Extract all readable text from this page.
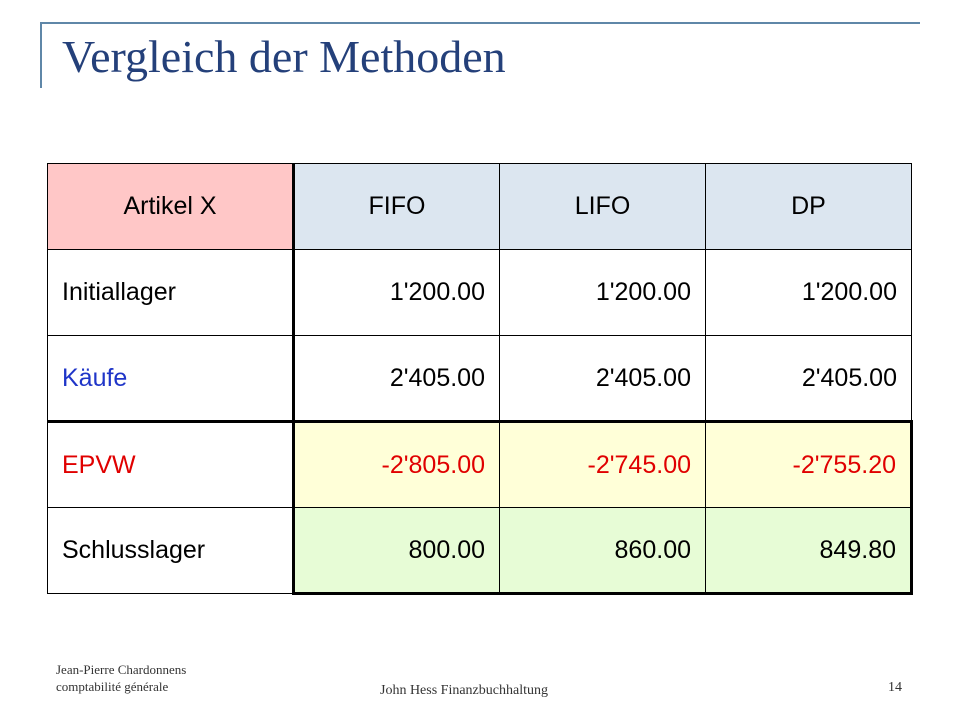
Vergleich der Methoden
Artikel X	FIFO	LIFO	DP
Initiallager	1'200.00	1'200.00	1'200.00
Käufe	2'405.00	2'405.00	2'405.00
EPVW	-2'805.00	-2'745.00	-2'755.20
Schlusslager	800.00	860.00	849.80
Jean-Pierre Chardonnens
comptabilité générale	John Hess Finanzbuchhaltung	14
